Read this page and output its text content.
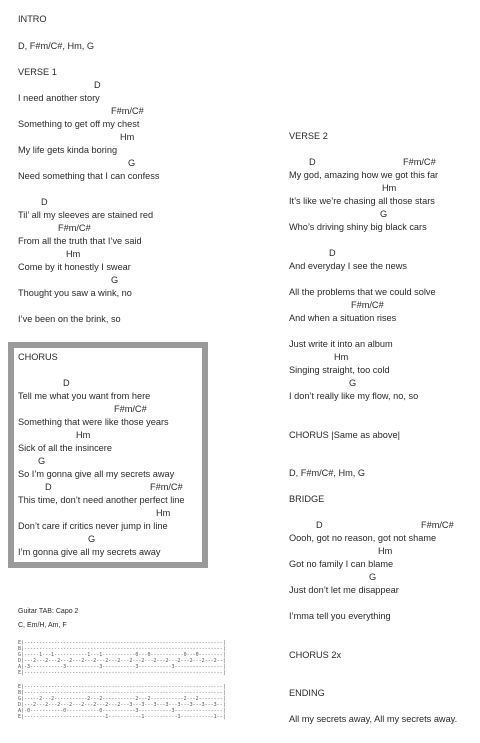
INTRO
D, F#m/C#, Hm, G
VERSE 1
D
I need another story
F#m/C#
Something to get off my chest
Hm
My life gets kinda boring
G
Need something that I can confess
D
Til’ all my sleeves are stained red
F#m/C#
From all the truth that I’ve said
Hm
Come by it honestly I swear
G
Thought you saw a wink, no
I’ve been on the brink, so
CHORUS
D
Tell me what you want from here
F#m/C#
Something that were like those years
Hm
Sick of all the insincere
G
So I’m gonna give all my secrets away
D	F#m/C#
This time, don’t need another perfect line
Hm
Don’t care if critics never jump in line
G
I’m gonna give all my secrets away
VERSE 2
D	F#m/C#
My god, amazing how we got this far
Hm
It’s like we’re chasing all those stars
G
Who’s driving shiny big black cars
D
And everyday I see the news
All the problems that we could solve
F#m/C#
And when a situation rises
Just write it into an album
Hm
Singing straight, too cold
G
I don’t really like my flow, no, so
CHORUS |Same as above|
D, F#m/C#, Hm, G
BRIDGE
D	F#m/C#
Oooh, got no reason, got not shame
Hm
Got no family I can blame
G
Just don’t let me disappear
I’mma tell you everything
CHORUS 2x
ENDING
All my secrets away, All my secrets away.
Guitar TAB: Capo 2
C, Em/H, Am, F
E|------------------------------------------------------------------|
B|------------------------------------------------------------------|
G|-----1---1-----------1---1-----------0---0-----------0---0--------|
D|---2---2---2---2---2---2---2---2---2---2---2---2---2---2---2---2--|
A|-3-----------3-----------3-----------3-----------3----------------|
E|------------------------------------------------------------------|
E|------------------------------------------------------------------|
B|------------------------------------------------------------------|
G|-----2---2-----------2---2-----------2---2-----------2---2--------|
D|---2---2---2---2---2---2---2---2---3---3---3---3---3---3---3---3--|
A|-0-----------0-----------0-----------3-----------3----------------|
E|---------------------------1-----------1-----------1-----------1--|
